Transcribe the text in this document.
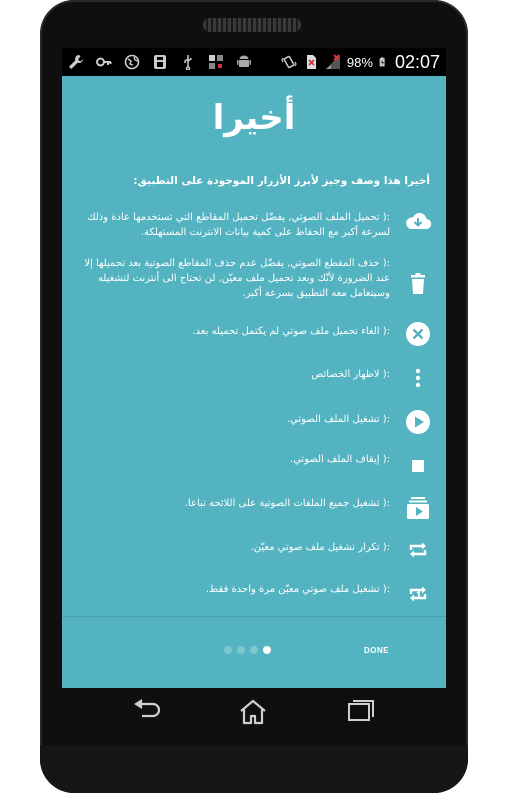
98% 02:07
أخيرا
أخيرا هذا وصف وجيز لأبرز الأزرار الموجودة على التطبيق:
:( تحميل الملف الصوتي, يفضّل تحميل المقاطع التي تستخدمها عادة وذلك لسرعة أكبر مع الحفاظ على كمية بيانات الانترنت المستهلكة.
:( حذف المقطع الصوتي, يفضّل عدم حذف المقاطع الصوتية بعد تحميلها إلا عند الضرورة لأنّك وبعد تحميل ملف معيّن, لن تحتاج الى أنترنت لتشغيله وسيتعامل معه التطبيق بسرعة أكبر.
:( الغاء تحميل ملف صوتي لم يكتمل تحميله بعد.
:( لاظهار الخصائص
:( تشغيل الملف الصوتي.
:( إيقاف الملف الصوتي.
:( تشغيل جميع الملفات الصوتية على اللائحة تباعا.
:( تكرار تشغيل ملف صوتي معيّن.
:( تشغيل ملف صوتي معيّن مرة واحدة فقط.
DONE
